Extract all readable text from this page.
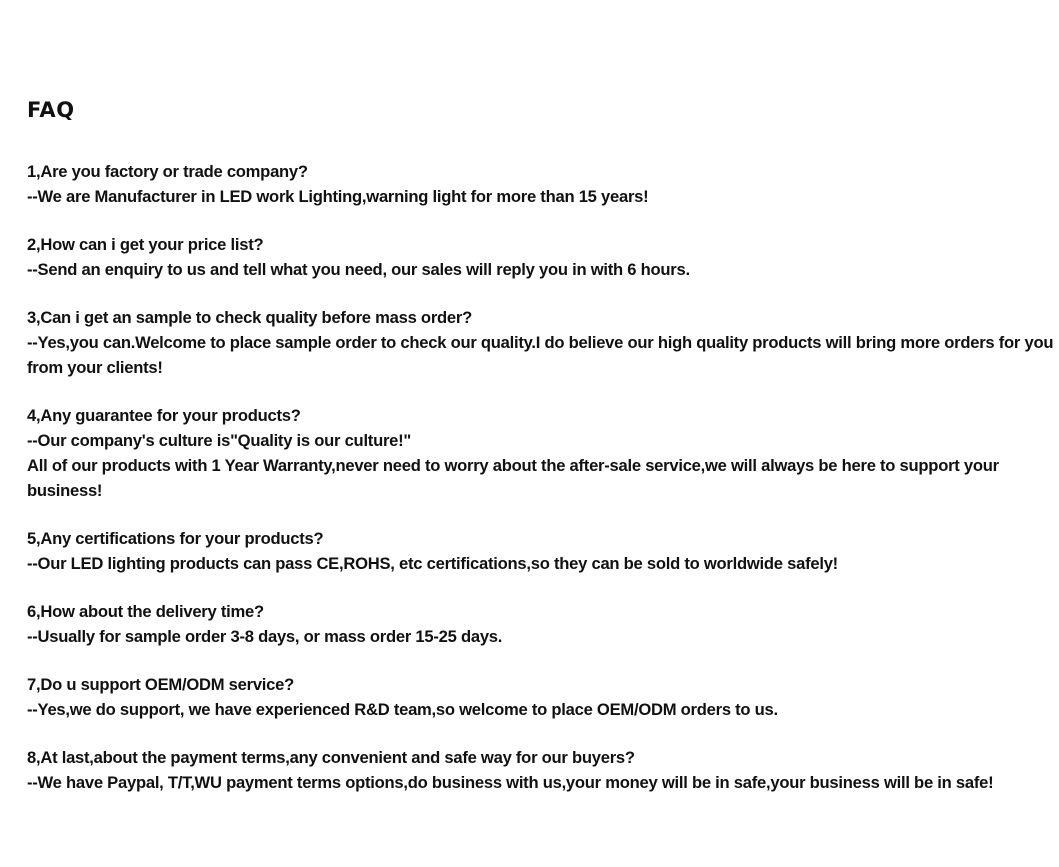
FAQ
1,Are you factory or trade company?
--We are Manufacturer in LED work Lighting,warning light for more than 15 years!
2,How can i get your price list?
--Send an enquiry to us and tell what you need, our sales will reply you in with 6 hours.
3,Can i get an sample to check quality before mass order?
--Yes,you can.Welcome to place sample order to check our quality.I do believe our high quality products will bring more orders for you from your clients!
4,Any guarantee for your products?
--Our company's culture is"Quality is our culture!"
All of our products with 1 Year Warranty,never need to worry about the after-sale service,we will always be here to support your business!
5,Any certifications for your products?
--Our LED lighting products can pass CE,ROHS, etc certifications,so they can be sold to worldwide safely!
6,How about the delivery time?
--Usually for sample order 3-8 days, or mass order 15-25 days.
7,Do u support OEM/ODM service?
--Yes,we do support, we have experienced R&D team,so welcome to place OEM/ODM orders to us.
8,At last,about the payment terms,any convenient and safe way for our buyers?
--We have Paypal, T/T,WU payment terms options,do business with us,your money will be in safe,your business will be in safe!
